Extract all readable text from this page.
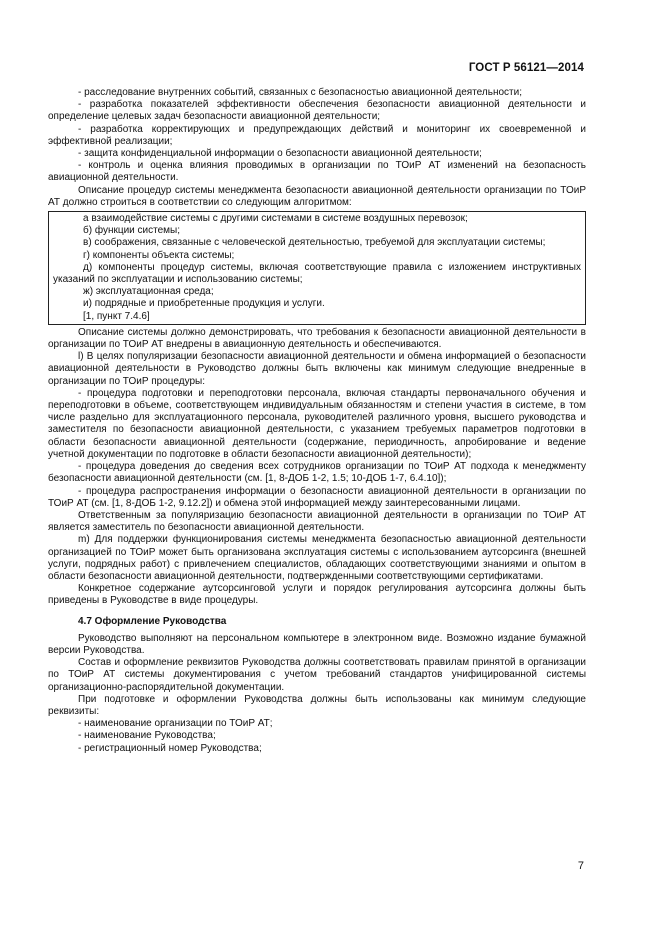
ГОСТ Р 56121—2014

- расследование внутренних событий, связанных с безопасностью авиационной деятельности;

- разработка показателей эффективности обеспечения безопасности авиационной деятельности и определение целевых задач безопасности авиационной деятельности;

- разработка корректирующих и предупреждающих действий и мониторинг их своевременной и эффективной реализации;

- защита конфиденциальной информации о безопасности авиационной деятельности;

- контроль и оценка влияния проводимых в организации по ТОиР АТ изменений на безопасность авиационной деятельности.

Описание процедур системы менеджмента безопасности авиационной деятельности организации по ТОиР АТ должно строиться в соответствии со следующим алгоритмом:

а взаимодействие системы с другими системами в системе воздушных перевозок;

б) функции системы;

в) соображения, связанные с человеческой деятельностью, требуемой для эксплуатации системы;

г) компоненты объекта системы;

д) компоненты процедур системы, включая соответствующие правила с изложением инструктивных указаний по эксплуатации и использованию системы;

ж) эксплуатационная среда;

и) подрядные и приобретенные продукция и услуги.

[1, пункт 7.4.6]

Описание системы должно демонстрировать, что требования к безопасности авиационной деятельности в организации по ТОиР АТ внедрены в авиационную деятельность и обеспечиваются.

l) В целях популяризации безопасности авиационной деятельности и обмена информацией о безопасности авиационной деятельности в Руководство должны быть включены как минимум следующие внедренные в организации по ТОиР процедуры:

- процедура подготовки и переподготовки персонала, включая стандарты первоначального обучения и переподготовки в объеме, соответствующем индивидуальным обязанностям и степени участия в системе, в том числе раздельно для эксплуатационного персонала, руководителей различного уровня, высшего руководства и заместителя по безопасности авиационной деятельности, с указанием требуемых параметров подготовки в области безопасности авиационной деятельности (содержание, периодичность, апробирование и ведение учетной документации по подготовке в области безопасности авиационной деятельности);

- процедура доведения до сведения всех сотрудников организации по ТОиР АТ подхода к менеджменту безопасности авиационной деятельности (см. [1, 8-ДОБ 1-2, 1.5; 10-ДОБ 1-7, 6.4.10]);

- процедура распространения информации о безопасности авиационной деятельности в организации по ТОиР АТ (см. [1, 8-ДОБ 1-2, 9.12.2]) и обмена этой информацией между заинтересованными лицами.

Ответственным за популяризацию безопасности авиационной деятельности в организации по ТОиР АТ является заместитель по безопасности авиационной деятельности.

m) Для поддержки функционирования системы менеджмента безопасностью авиационной деятельности организацией по ТОиР может быть организована эксплуатация системы с использованием аутсорсинга (внешней услуги, подрядных работ) с привлечением специалистов, обладающих соответствующими знаниями и опытом в области безопасности авиационной деятельности, подтвержденными соответствующими сертификатами.

Конкретное содержание аутсорсинговой услуги и порядок регулирования аутсорсинга должны быть приведены в Руководстве в виде процедуры.

4.7 Оформление Руководства

Руководство выполняют на персональном компьютере в электронном виде. Возможно издание бумажной версии Руководства.

Состав и оформление реквизитов Руководства должны соответствовать правилам принятой в организации по ТОиР АТ системы документирования с учетом требований стандартов унифицированной системы организационно-распорядительной документации.

При подготовке и оформлении Руководства должны быть использованы как минимум следующие реквизиты:

- наименование организации по ТОиР АТ;

- наименование Руководства;

- регистрационный номер Руководства;

7
